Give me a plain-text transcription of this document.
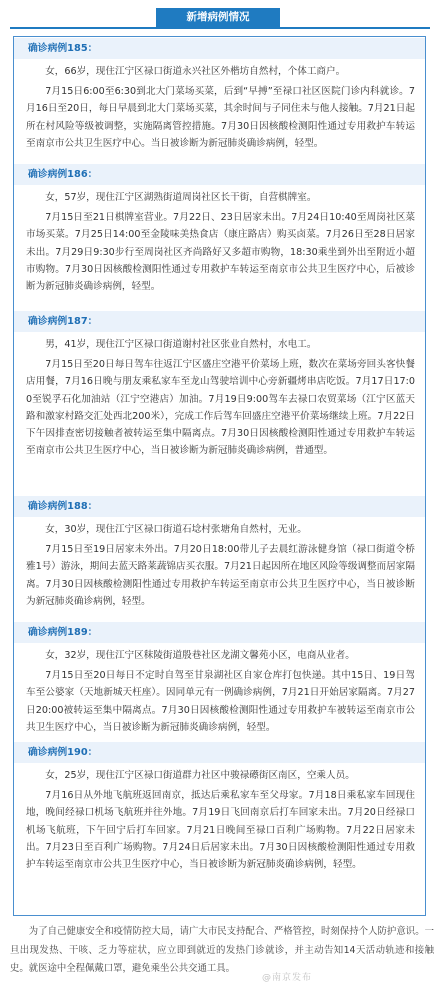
新增病例情况
确诊病例185：
女，66岁，现住江宁区禄口街道永兴社区外楷坊自然村，个体工商户。
7月15日6:00至6:30到北大门菜场买菜，后到“早搏”至禄口社区医院门诊内科就诊。7月16日至20日，每日早晨到北大门菜场买菜，其余时间与子同住未与他人接触。7月21日起所在村风险等级被调整，实施隔离管控措施。7月30日因核酸检测阳性通过专用救护车转运至南京市公共卫生医疗中心。当日被诊断为新冠肺炎确诊病例，轻型。
确诊病例186：
女，57岁，现住江宁区湖熟街道周岗社区长干街，自营棋牌室。
7月15日至21日棋牌室营业。7月22日、23日居家未出。7月24日10:40至周岗社区菜市场买菜。7月25日14:00至金陵味美热食店（康庄路店）购买卤菜。7月26日至28日居家未出。7月29日9:30步行至周岗社区齐尚路好又多超市购物，18:30乘坐到外出至附近小超市购物。7月30日因核酸检测阳性通过专用救护车转运至南京市公共卫生医疗中心，后被诊断为新冠肺炎确诊病例，轻型。
确诊病例187：
男，41岁，现住江宁区禄口街道谢村社区张业自然村，水电工。
7月15日至20日每日驾车往返江宁区盛庄空港平价菜场上班，数次在菜场旁回头客快餐店用餐，7月16日晚与朋友乘私家车至龙山驾驶培训中心旁新疆烤串店吃饭。7月17日17:00至锐孚石化加油站（江宁空港店）加油。7月19日9:00驾车去禄口农贸菜场（江宁区蓝天路和激家村路交汇处西北200米），完成工作后驾车回盛庄空港平价菜场继续上班。7月22日下午因排查密切接触者被转运至集中隔离点。7月30日因核酸检测阳性通过专用救护车转运至南京市公共卫生医疗中心，当日被诊断为新冠肺炎确诊病例，普通型。
确诊病例188：
女，30岁，现住江宁区禄口街道石埝村张塘角自然村，无业。
7月15日至19日居家未外出。7月20日18:00带儿子去晨红游泳健身馆（禄口街道令桥雅1号）游泳，期间去蓝天路莱蔬锦店买衣服。7月21日起因所在地区风险等级调整而居家隔离。7月30日因核酸检测阳性通过专用救护车转运至南京市公共卫生医疗中心，当日被诊断为新冠肺炎确诊病例，轻型。
确诊病例189：
女，32岁，现住江宁区秣陵街道殷巷社区龙湖文馨苑小区，电商从业者。
7月15日至20日每日不定时自驾至甘泉湖社区自家仓库打包快递。其中15日、19日驾车至公婆家（天地新城天枉座）。因同单元有一例确诊病例，7月21日开始居家隔离。7月27日20:00被转运至集中隔离点。7月30日因核酸检测阳性通过专用救护车被转运至南京市公共卫生医疗中心，当日被诊断为新冠肺炎确诊病例，轻型。
确诊病例190：
女，25岁，现住江宁区禄口街道群力社区中骏禄礤街区南区，空乘人员。
7月16日从外地飞航班返回南京，抵达后乘私家车至父母家。7月18日乘私家车回现住地，晚间经禄口机场飞航班并往外地。7月19日飞回南京后打车回家未出。7月20日经禄口机场飞航班，下午回宁后打车回家。7月21日晚间至禄口百利广场购物。7月22日居家未出。7月23日至百利广场购物。7月24日后居家未出。7月30日因核酸检测阳性通过专用救护车转运至南京市公共卫生医疗中心，当日被诊断为新冠肺炎确诊病例，轻型。
为了自己健康安全和疫情防控大局，请广大市民支持配合、严格管控，时刻保持个人防护意识。一旦出现发热、干咳、乏力等症状，应立即到就近的发热门诊就诊，并主动告知14天活动轨迹和接触史。就医途中全程佩戴口罩，避免乘坐公共交通工具。
@南京发布
